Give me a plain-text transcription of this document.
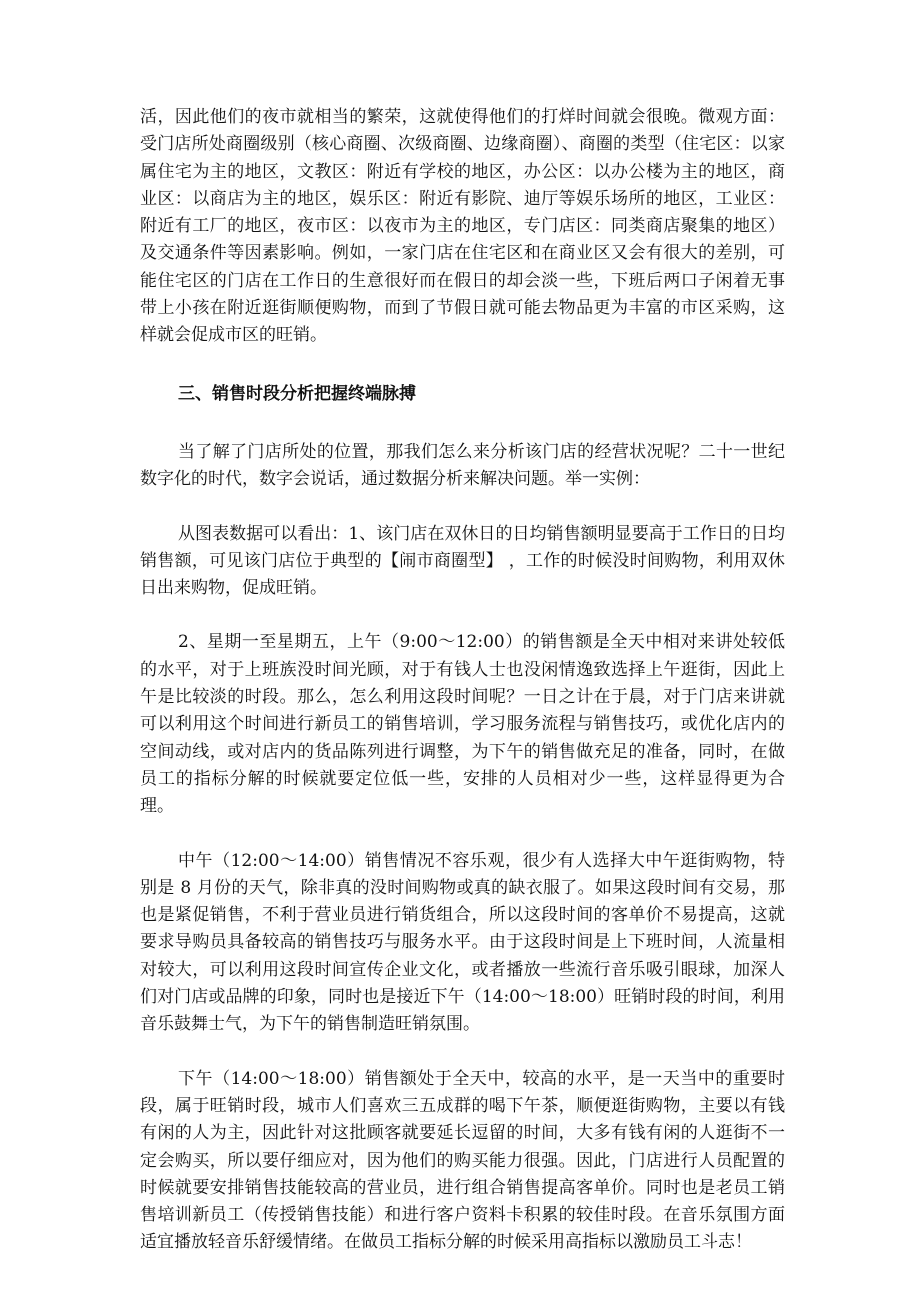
活，因此他们的夜市就相当的繁荣，这就使得他们的打烊时间就会很晚。微观方面：受门店所处商圈级别（核心商圈、次级商圈、边缘商圈）、商圈的类型（住宅区：以家属住宅为主的地区，文教区：附近有学校的地区，办公区：以办公楼为主的地区，商业区：以商店为主的地区，娱乐区：附近有影院、迪厅等娱乐场所的地区，工业区：附近有工厂的地区，夜市区：以夜市为主的地区，专门店区：同类商店聚集的地区）及交通条件等因素影响。例如，一家门店在住宅区和在商业区又会有很大的差别，可能住宅区的门店在工作日的生意很好而在假日的却会淡一些，下班后两口子闲着无事带上小孩在附近逛街顺便购物，而到了节假日就可能去物品更为丰富的市区采购，这样就会促成市区的旺销。

三、销售时段分析把握终端脉搏

当了解了门店所处的位置，那我们怎么来分析该门店的经营状况呢？二十一世纪数字化的时代，数字会说话，通过数据分析来解决问题。举一实例：

从图表数据可以看出：1、该门店在双休日的日均销售额明显要高于工作日的日均销售额，可见该门店位于典型的【闹市商圈型】 ，工作的时候没时间购物，利用双休日出来购物，促成旺销。

2、星期一至星期五，上午（9:00～12:00）的销售额是全天中相对来讲处较低的水平，对于上班族没时间光顾，对于有钱人士也没闲情逸致选择上午逛街，因此上午是比较淡的时段。那么，怎么利用这段时间呢？一日之计在于晨，对于门店来讲就可以利用这个时间进行新员工的销售培训，学习服务流程与销售技巧，或优化店内的空间动线，或对店内的货品陈列进行调整，为下午的销售做充足的准备，同时，在做员工的指标分解的时候就要定位低一些，安排的人员相对少一些，这样显得更为合理。

中午（12:00～14:00）销售情况不容乐观，很少有人选择大中午逛街购物，特别是 8 月份的天气，除非真的没时间购物或真的缺衣服了。如果这段时间有交易，那也是紧促销售，不利于营业员进行销货组合，所以这段时间的客单价不易提高，这就要求导购员具备较高的销售技巧与服务水平。由于这段时间是上下班时间，人流量相对较大，可以利用这段时间宣传企业文化，或者播放一些流行音乐吸引眼球，加深人们对门店或品牌的印象，同时也是接近下午（14:00～18:00）旺销时段的时间，利用音乐鼓舞士气，为下午的销售制造旺销氛围。

下午（14:00～18:00）销售额处于全天中，较高的水平，是一天当中的重要时段，属于旺销时段，城市人们喜欢三五成群的喝下午茶，顺便逛街购物，主要以有钱有闲的人为主，因此针对这批顾客就要延长逗留的时间，大多有钱有闲的人逛街不一定会购买，所以要仔细应对，因为他们的购买能力很强。因此，门店进行人员配置的时候就要安排销售技能较高的营业员，进行组合销售提高客单价。同时也是老员工销售培训新员工（传授销售技能）和进行客户资料卡积累的较佳时段。在音乐氛围方面适宜播放轻音乐舒缓情绪。在做员工指标分解的时候采用高指标以激励员工斗志！
